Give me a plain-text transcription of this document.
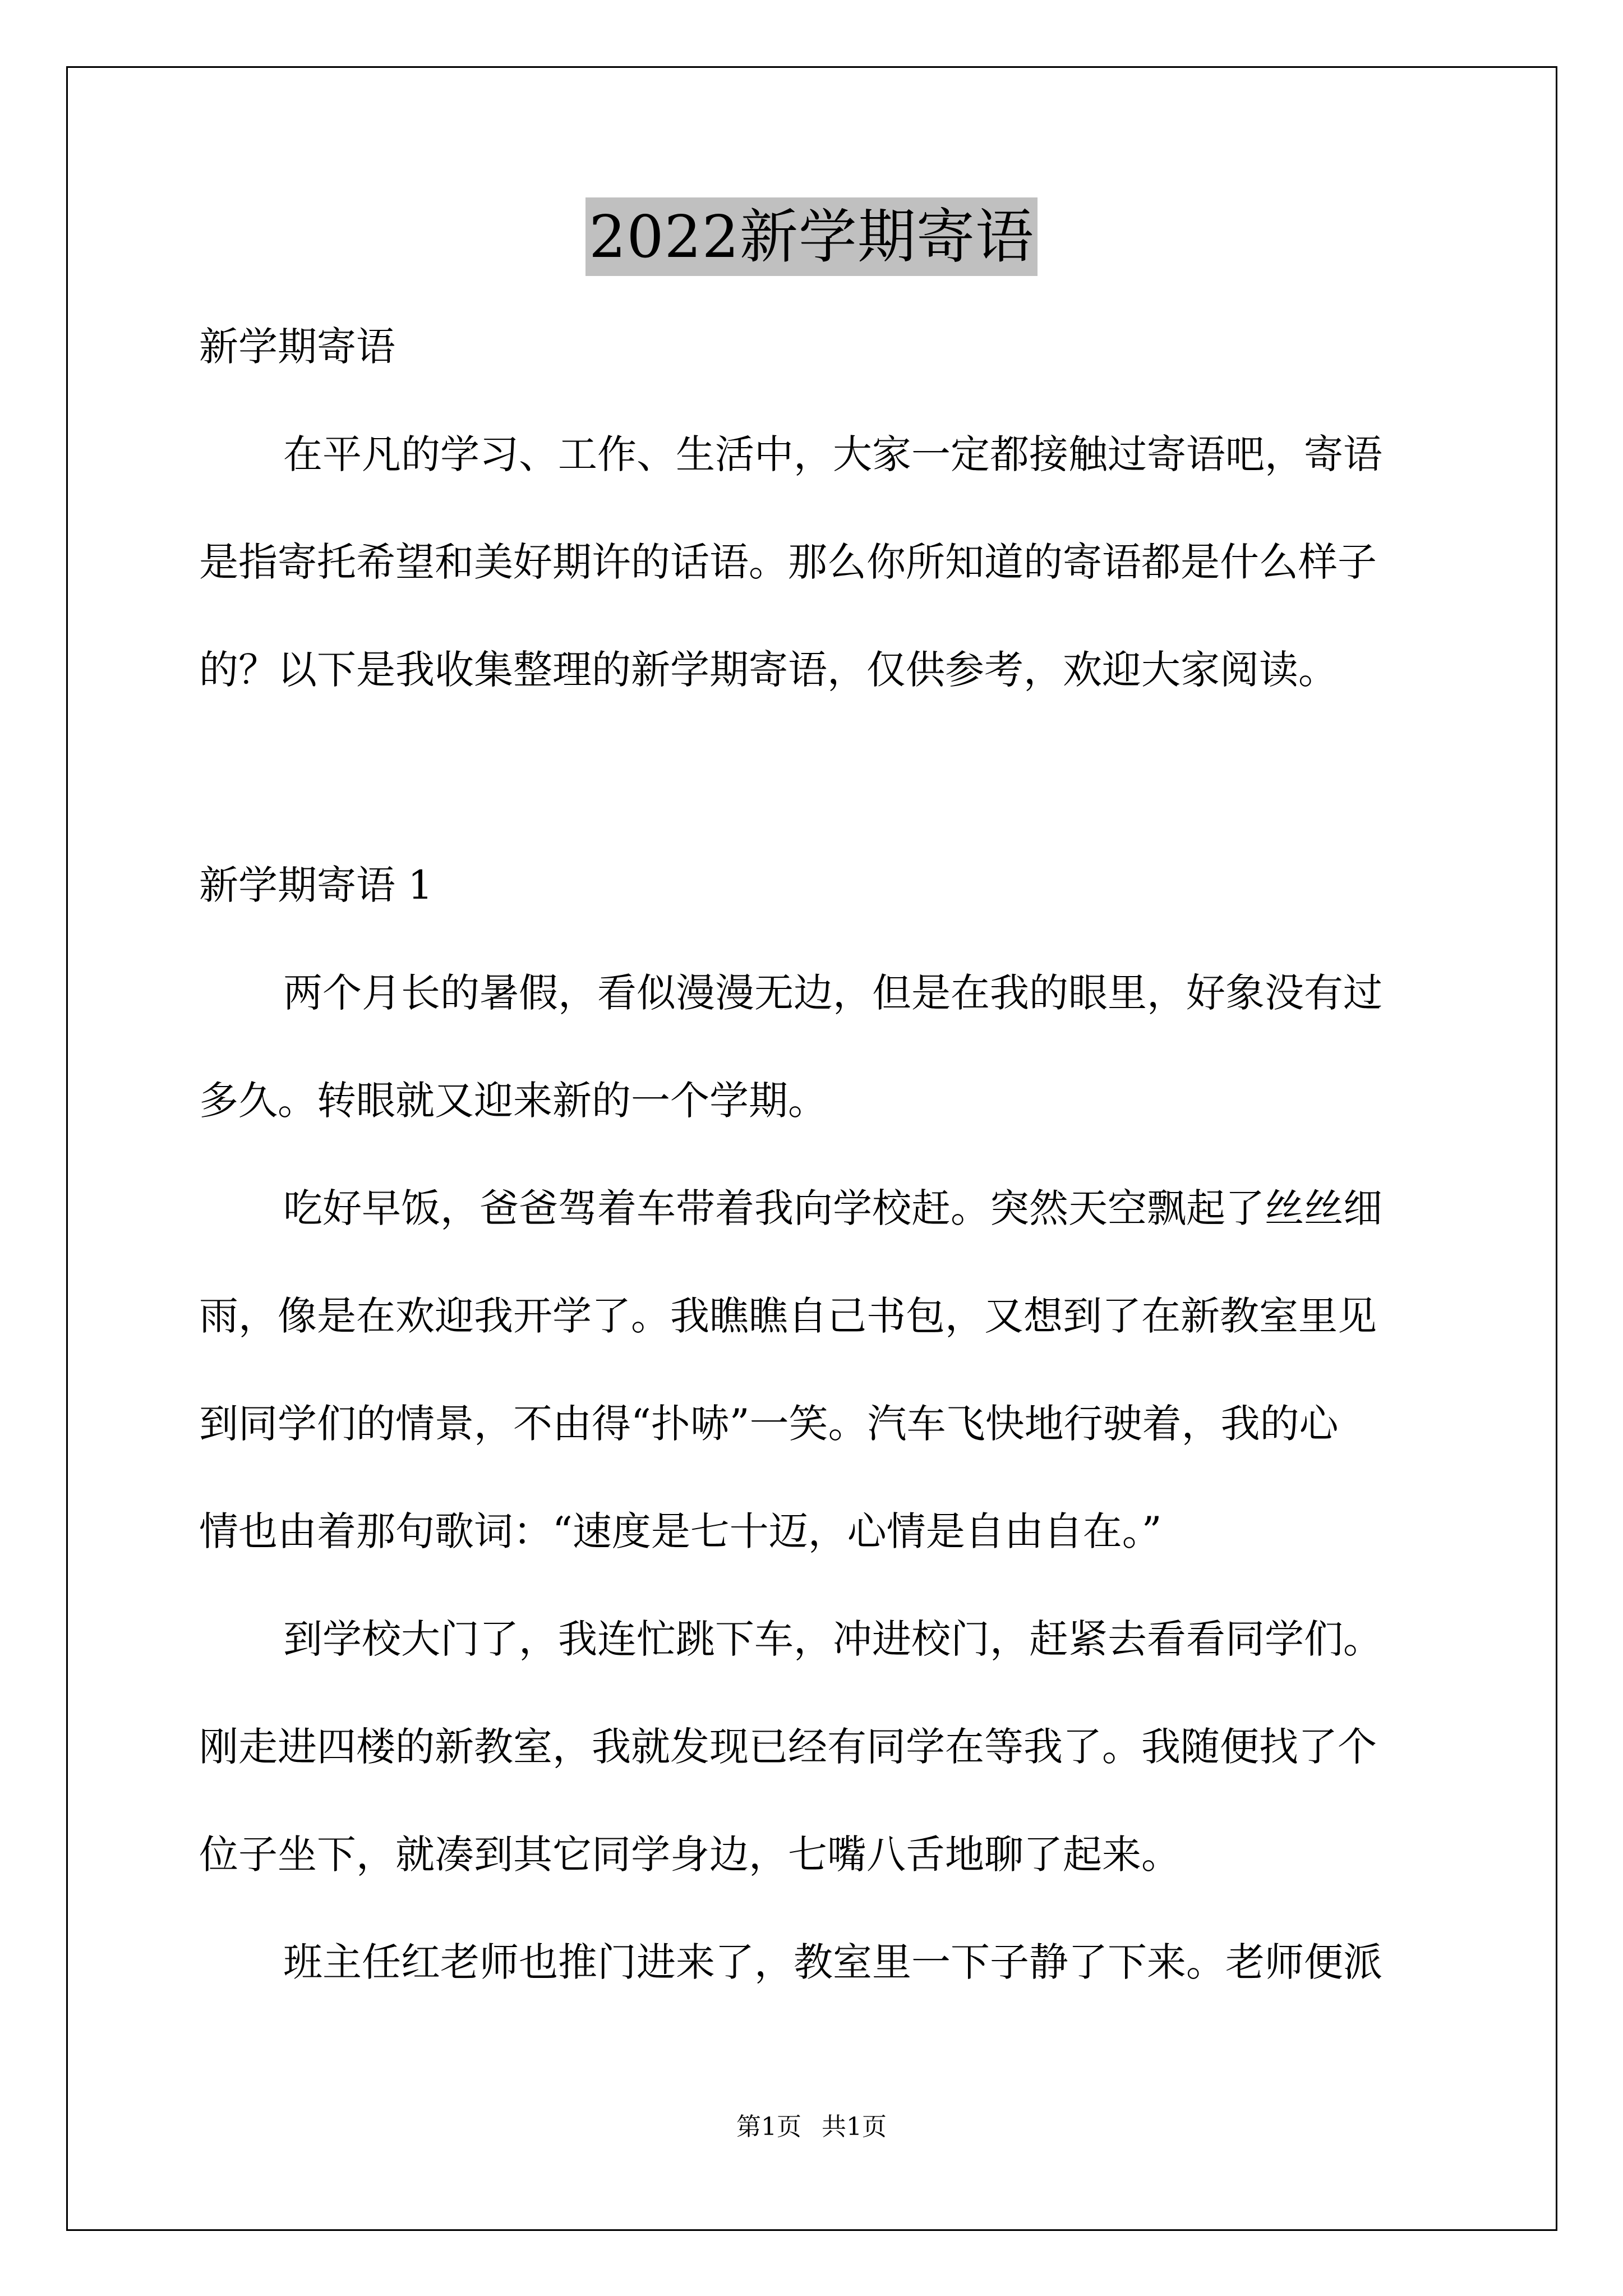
2022新学期寄语
新学期寄语
在平凡的学习、工作、生活中，大家一定都接触过寄语吧，寄语
是指寄托希望和美好期许的话语。那么你所知道的寄语都是什么样子
的？以下是我收集整理的新学期寄语，仅供参考，欢迎大家阅读。
新学期寄语 1
两个月长的暑假，看似漫漫无边，但是在我的眼里，好象没有过
多久。转眼就又迎来新的一个学期。
吃好早饭，爸爸驾着车带着我向学校赶。突然天空飘起了丝丝细
雨，像是在欢迎我开学了。我瞧瞧自己书包，又想到了在新教室里见
到同学们的情景，不由得“扑哧”一笑。汽车飞快地行驶着，我的心
情也由着那句歌词：“速度是七十迈，心情是自由自在。”
到学校大门了，我连忙跳下车，冲进校门，赶紧去看看同学们。
刚走进四楼的新教室，我就发现已经有同学在等我了。我随便找了个
位子坐下，就凑到其它同学身边，七嘴八舌地聊了起来。
班主任红老师也推门进来了，教室里一下子静了下来。老师便派
第1页 共1页
